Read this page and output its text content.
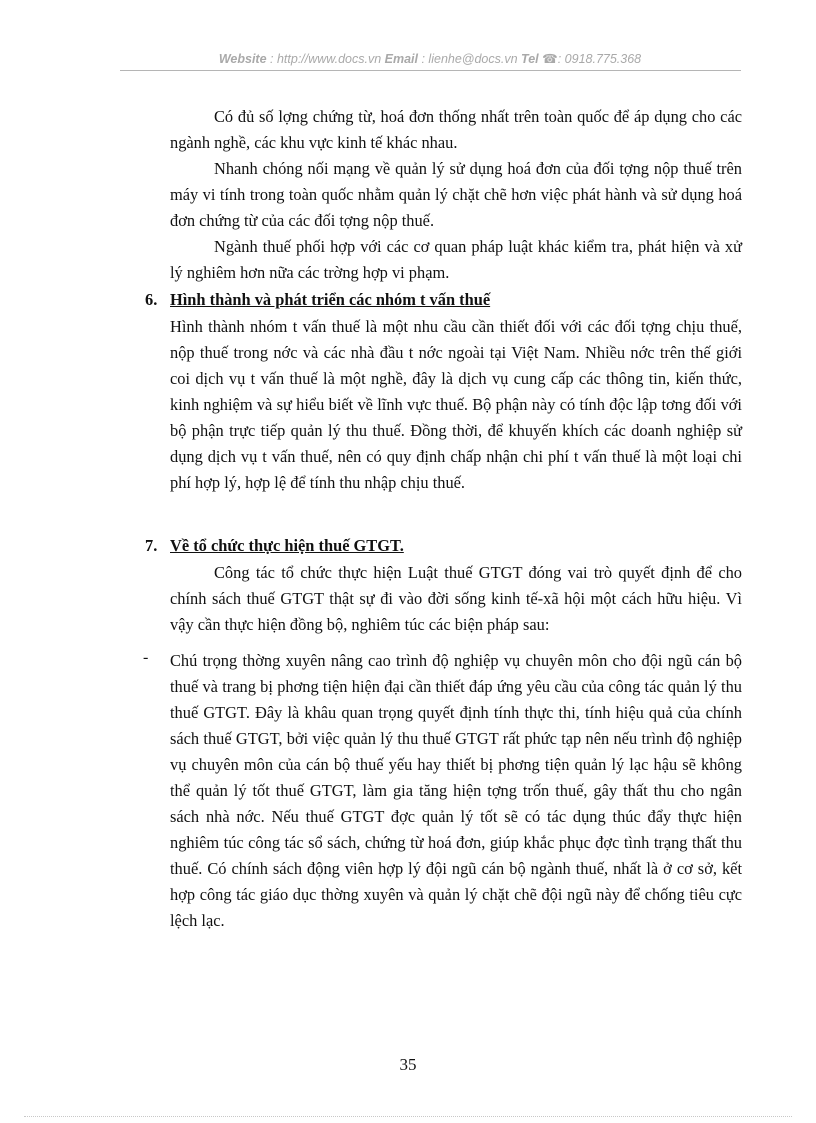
Website : http://www.docs.vn Email : lienhe@docs.vn Tel ☎: 0918.775.368

Có đủ số lợng chứng từ, hoá đơn thống nhất trên toàn quốc để áp dụng cho các ngành nghề, các khu vực kinh tế khác nhau.

Nhanh chóng nối mạng về quản lý sử dụng hoá đơn của đối tợng nộp thuế trên máy vi tính trong toàn quốc nhằm quản lý chặt chẽ hơn việc phát hành và sử dụng hoá đơn chứng từ của các đối tợng nộp thuế.

Ngành thuế phối hợp với các cơ quan pháp luật khác kiểm tra, phát hiện và xử lý nghiêm hơn nữa các trờng hợp vi phạm.

6. Hình thành và phát triển các nhóm t vấn thuế

Hình thành nhóm t vấn thuế là một nhu cầu cần thiết đối với các đối tợng chịu thuế, nộp thuế trong nớc và các nhà đầu t nớc ngoài tại Việt Nam. Nhiều nớc trên thế giới coi dịch vụ t vấn thuế là một nghề, đây là dịch vụ cung cấp các thông tin, kiến thức, kinh nghiệm và sự hiểu biết về lĩnh vực thuế. Bộ phận này có tính độc lập tơng đối với bộ phận trực tiếp quản lý thu thuế. Đồng thời, để khuyến khích các doanh nghiệp sử dụng dịch vụ t vấn thuế, nên có quy định chấp nhận chi phí t vấn thuế là một loại chi phí hợp lý, hợp lệ để tính thu nhập chịu thuế.

7. Về tổ chức thực hiện thuế GTGT.

Công tác tổ chức thực hiện Luật thuế GTGT đóng vai trò quyết định để cho chính sách thuế GTGT thật sự đi vào đời sống kinh tế-xã hội một cách hữu hiệu. Vì vậy cần thực hiện đồng bộ, nghiêm túc các biện pháp sau:

- Chú trọng thờng xuyên nâng cao trình độ nghiệp vụ chuyên môn cho đội ngũ cán bộ thuế và trang bị phơng tiện hiện đại cần thiết đáp ứng yêu cầu của công tác quản lý thu thuế GTGT. Đây là khâu quan trọng quyết định tính thực thi, tính hiệu quả của chính sách thuế GTGT, bởi việc quản lý thu thuế GTGT rất phức tạp nên nếu trình độ nghiệp vụ chuyên môn của cán bộ thuế yếu hay thiết bị phơng tiện quản lý lạc hậu sẽ không thể quản lý tốt thuế GTGT, làm gia tăng hiện tợng trốn thuế, gây thất thu cho ngân sách nhà nớc. Nếu thuế GTGT đợc quản lý tốt sẽ có tác dụng thúc đẩy thực hiện nghiêm túc công tác sổ sách, chứng từ hoá đơn, giúp khắc phục đợc tình trạng thất thu thuế. Có chính sách động viên hợp lý đội ngũ cán bộ ngành thuế, nhất là ở cơ sở, kết hợp công tác giáo dục thờng xuyên và quản lý chặt chẽ đội ngũ này để chống tiêu cực lệch lạc.

35
